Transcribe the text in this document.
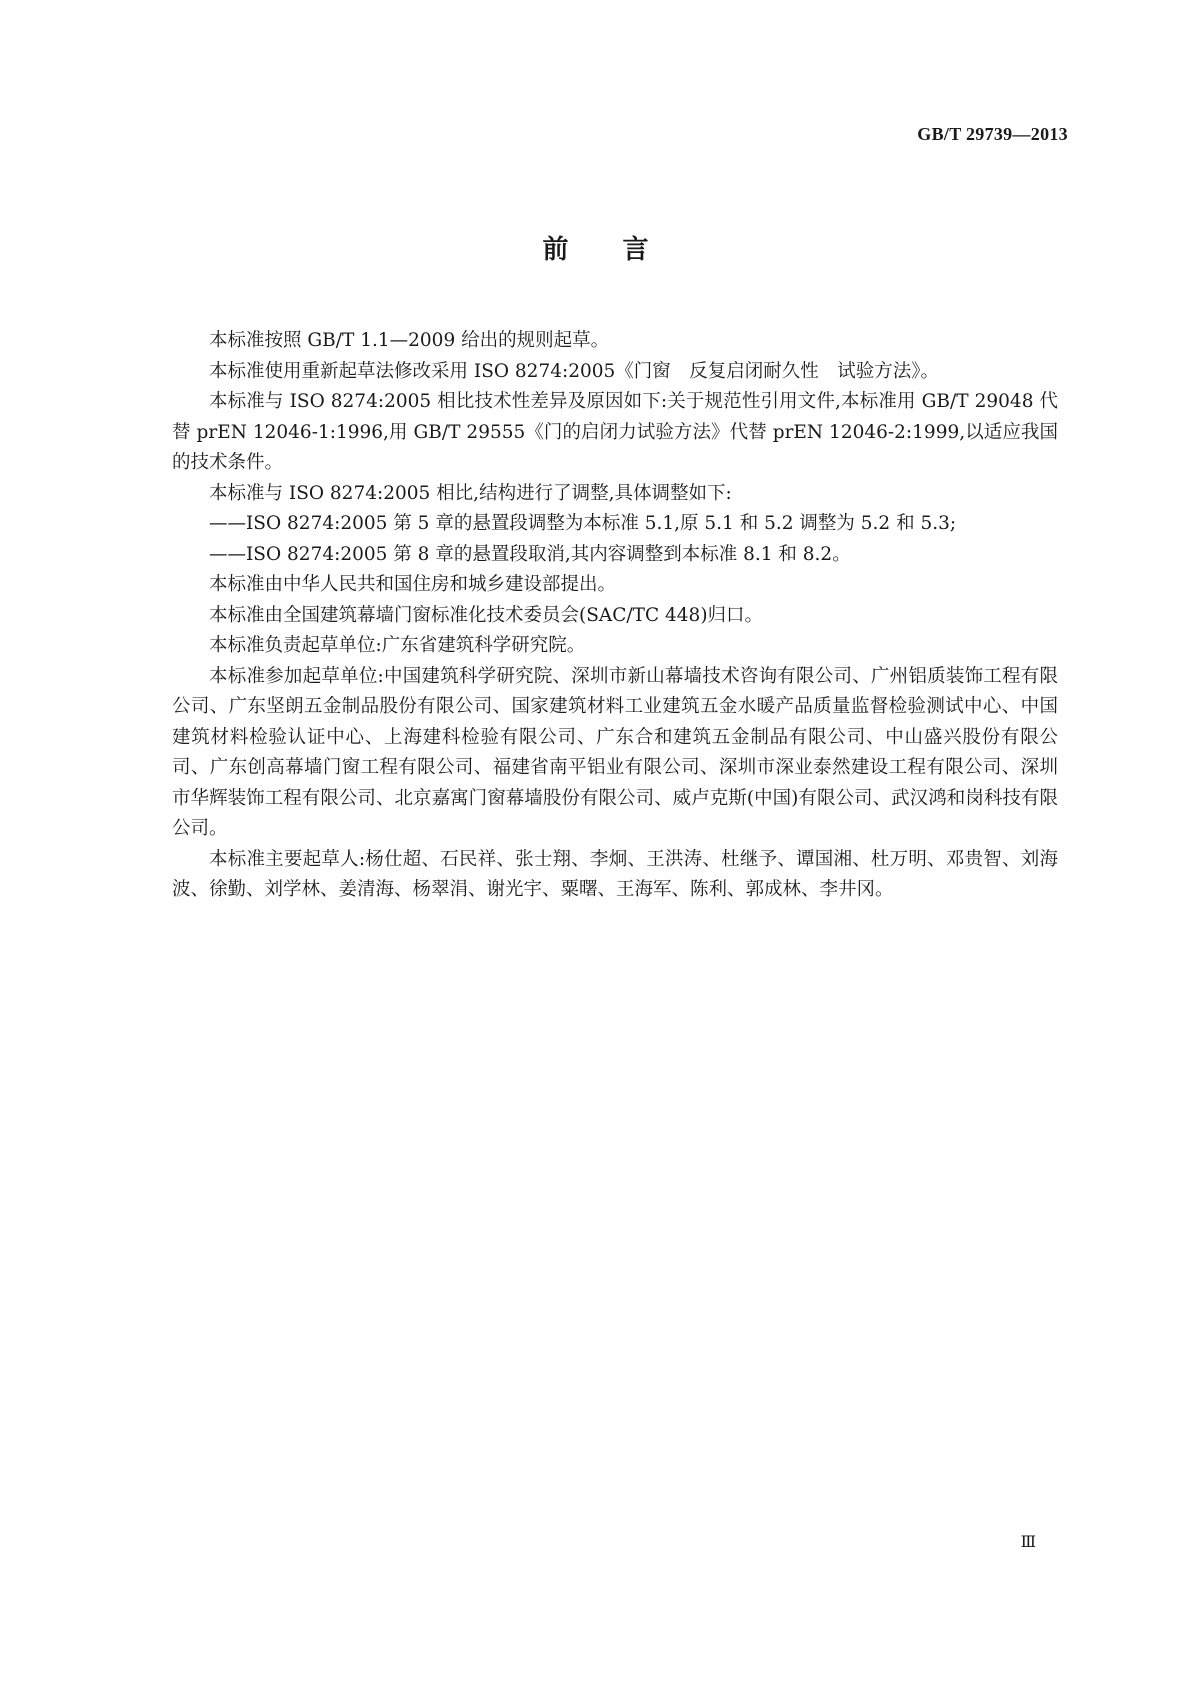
GB/T 29739—2013
前言

本标准按照 GB/T 1.1—2009 给出的规则起草。

本标准使用重新起草法修改采用 ISO 8274:2005《门窗　反复启闭耐久性　试验方法》。

本标准与 ISO 8274:2005 相比技术性差异及原因如下:关于规范性引用文件,本标准用 GB/T 29048 代替 prEN 12046-1:1996,用 GB/T 29555《门的启闭力试验方法》代替 prEN 12046-2:1999,以适应我国的技术条件。

本标准与 ISO 8274:2005 相比,结构进行了调整,具体调整如下:

——ISO 8274:2005 第 5 章的悬置段调整为本标准 5.1,原 5.1 和 5.2 调整为 5.2 和 5.3;

——ISO 8274:2005 第 8 章的悬置段取消,其内容调整到本标准 8.1 和 8.2。

本标准由中华人民共和国住房和城乡建设部提出。

本标准由全国建筑幕墙门窗标准化技术委员会(SAC/TC 448)归口。

本标准负责起草单位:广东省建筑科学研究院。

本标准参加起草单位:中国建筑科学研究院、深圳市新山幕墙技术咨询有限公司、广州铝质装饰工程有限公司、广东坚朗五金制品股份有限公司、国家建筑材料工业建筑五金水暖产品质量监督检验测试中心、中国建筑材料检验认证中心、上海建科检验有限公司、广东合和建筑五金制品有限公司、中山盛兴股份有限公司、广东创高幕墙门窗工程有限公司、福建省南平铝业有限公司、深圳市深业泰然建设工程有限公司、深圳市华辉装饰工程有限公司、北京嘉寓门窗幕墙股份有限公司、威卢克斯(中国)有限公司、武汉鸿和岗科技有限公司。

本标准主要起草人:杨仕超、石民祥、张士翔、李炯、王洪涛、杜继予、谭国湘、杜万明、邓贵智、刘海波、徐勤、刘学林、姜清海、杨翠涓、谢光宇、粟曙、王海军、陈利、郭成林、李井冈。

Ⅲ
